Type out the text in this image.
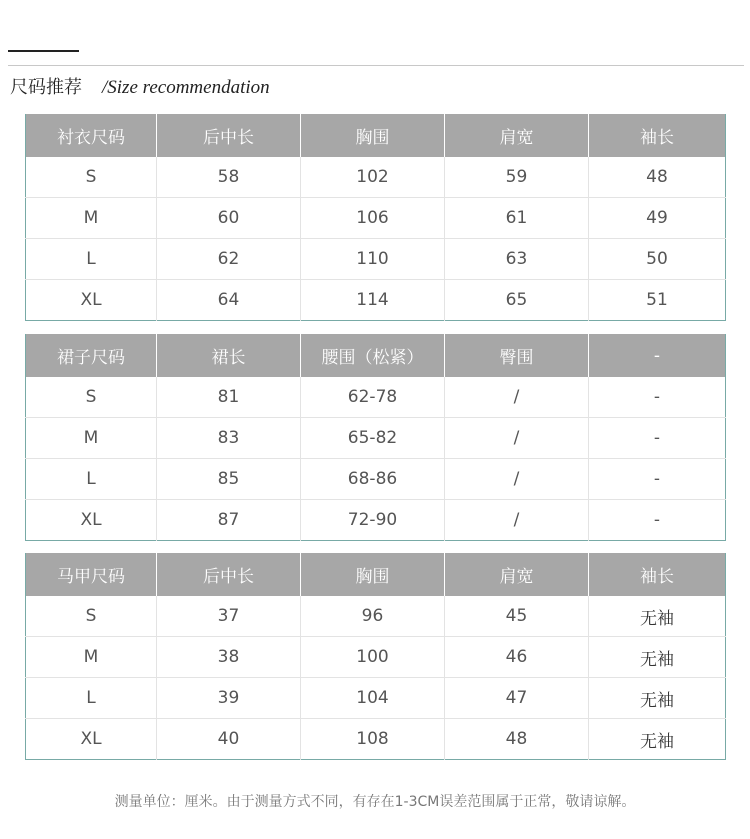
尺码推荐 /Size recommendation
衬衣尺码	后中长	胸围	肩宽	袖长
S	58	102	59	48
M	60	106	61	49
L	62	110	63	50
XL	64	114	65	51
裙子尺码	裙长	腰围（松紧）	臀围	-
S	81	62-78	/	-
M	83	65-82	/	-
L	85	68-86	/	-
XL	87	72-90	/	-
马甲尺码	后中长	胸围	肩宽	袖长
S	37	96	45	无袖
M	38	100	46	无袖
L	39	104	47	无袖
XL	40	108	48	无袖
测量单位：厘米。由于测量方式不同，有存在1-3CM误差范围属于正常，敬请谅解。
